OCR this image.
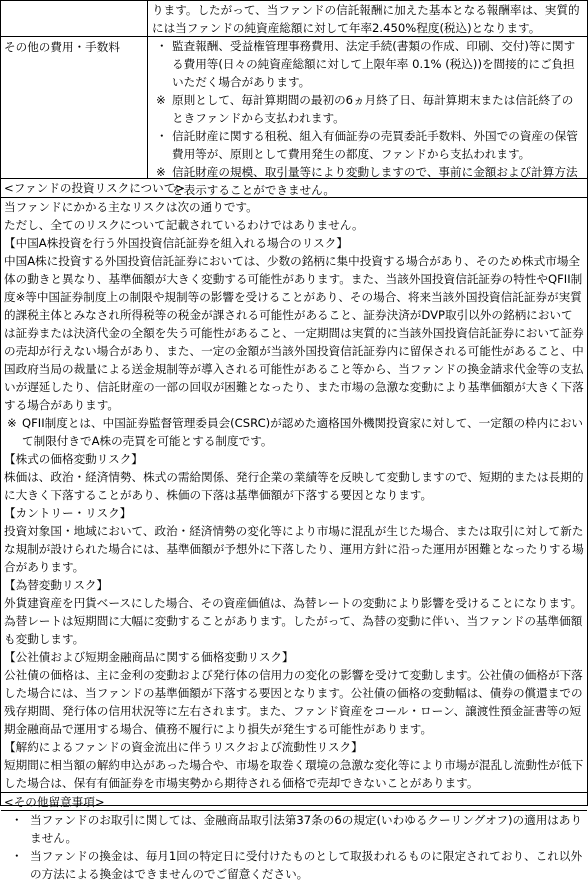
ります。したがって、当ファンドの信託報酬に加えた基本となる報酬率は、実質的には当ファンドの純資産総額に対して年率2.450%程度(税込)となります。
その他の費用・手数料	・ 監査報酬、受益権管理事務費用、法定手続(書類の作成、印刷、交付)等に関する費用等(日々の純資産総額に対して上限年率 0.1% (税込))を間接的にご負担いただく場合があります。
※ 原則として、毎計算期間の最初の6ヵ月終了日、毎計算期末または信託終了のときファンドから支払われます。
・ 信託財産に関する租税、組入有価証券の売買委託手数料、外国での資産の保管費用等が、原則として費用発生の都度、ファンドから支払われます。
※ 信託財産の規模、取引量等により変動しますので、事前に金額および計算方法を表示することができません。
<ファンドの投資リスクについて>

当ファンドにかかる主なリスクは次の通りです。

ただし、全てのリスクについて記載されているわけではありません。

【中国A株投資を行う外国投資信託証券を組入れる場合のリスク】

中国A株に投資する外国投資信託証券においては、少数の銘柄に集中投資する場合があり、そのため株式市場全体の動きと異なり、基準価額が大きく変動する可能性があります。また、当該外国投資信託証券の特性やQFII制度※等中国証券制度上の制限や規制等の影響を受けることがあり、その場合、将来当該外国投資信託証券が実質的課税主体とみなされ所得税等の税金が課される可能性があること、証券決済がDVP取引以外の銘柄においては証券または決済代金の全額を失う可能性があること、一定期間は実質的に当該外国投資信託証券において証券の売却が行えない場合があり、また、一定の金額が当該外国投資信託証券内に留保される可能性があること、中国政府当局の裁量による送金規制等が導入される可能性があること等から、当ファンドの換金請求代金等の支払いが遅延したり、信託財産の一部の回収が困難となったり、また市場の急激な変動により基準価額が大きく下落する場合があります。

※ QFII制度とは、中国証券監督管理委員会(CSRC)が認めた適格国外機関投資家に対して、一定額の枠内において制限付きでA株の売買を可能とする制度です。

【株式の価格変動リスク】

株価は、政治・経済情勢、株式の需給関係、発行企業の業績等を反映して変動しますので、短期的または長期的に大きく下落することがあり、株価の下落は基準価額が下落する要因となります。

【カントリー・リスク】

投資対象国・地域において、政治・経済情勢の変化等により市場に混乱が生じた場合、または取引に対して新たな規制が設けられた場合には、基準価額が予想外に下落したり、運用方針に沿った運用が困難となったりする場合があります。

【為替変動リスク】

外貨建資産を円貨ベースにした場合、その資産価値は、為替レートの変動により影響を受けることになります。為替レートは短期間に大幅に変動することがあります。したがって、為替の変動に伴い、当ファンドの基準価額も変動します。

【公社債および短期金融商品に関する価格変動リスク】

公社債の価格は、主に金利の変動および発行体の信用力の変化の影響を受けて変動します。公社債の価格が下落した場合には、当ファンドの基準価額が下落する要因となります。公社債の価格の変動幅は、債券の償還までの残存期間、発行体の信用状況等に左右されます。また、ファンド資産をコール・ローン、譲渡性預金証書等の短期金融商品で運用する場合、債務不履行により損失が発生する可能性があります。

【解約によるファンドの資金流出に伴うリスクおよび流動性リスク】

短期間に相当額の解約申込があった場合や、市場を取巻く環境の急激な変化等により市場が混乱し流動性が低下した場合は、保有有価証券を市場実勢から期待される価格で売却できないことがあります。

<その他留意事項>
・ 当ファンドのお取引に関しては、金融商品取引法第37条の6の規定(いわゆるクーリングオフ)の適用はありません。
・ 当ファンドの換金は、毎月1回の特定日に受付けたものとして取扱われるものに限定されており、これ以外の方法による換金はできませんのでご留意ください。
